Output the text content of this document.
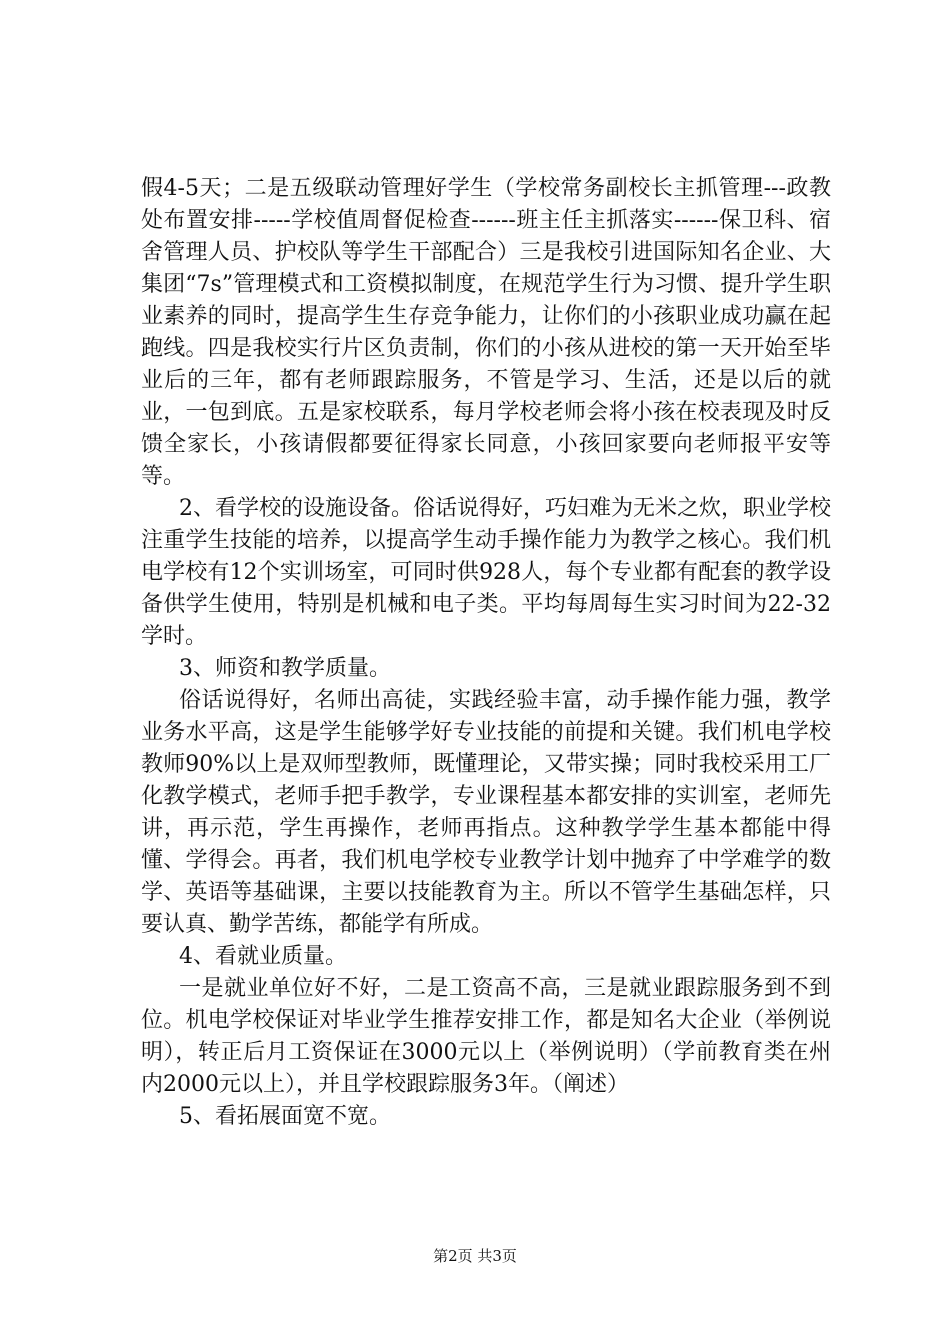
假4-5天；二是五级联动管理好学生（学校常务副校长主抓管理---政教处布置安排-----学校值周督促检查------班主任主抓落实------保卫科、宿舍管理人员、护校队等学生干部配合）三是我校引进国际知名企业、大集团“7s”管理模式和工资模拟制度，在规范学生行为习惯、提升学生职业素养的同时，提高学生生存竞争能力，让你们的小孩职业成功赢在起跑线。四是我校实行片区负责制，你们的小孩从进校的第一天开始至毕业后的三年，都有老师跟踪服务，不管是学习、生活，还是以后的就业，一包到底。五是家校联系，每月学校老师会将小孩在校表现及时反馈全家长，小孩请假都要征得家长同意，小孩回家要向老师报平安等等。

2、看学校的设施设备。俗话说得好，巧妇难为无米之炊，职业学校注重学生技能的培养，以提高学生动手操作能力为教学之核心。我们机电学校有12个实训场室，可同时供928人，每个专业都有配套的教学设备供学生使用，特别是机械和电子类。平均每周每生实习时间为22-32学时。

3、师资和教学质量。

俗话说得好，名师出高徒，实践经验丰富，动手操作能力强，教学业务水平高，这是学生能够学好专业技能的前提和关键。我们机电学校教师90%以上是双师型教师，既懂理论，又带实操；同时我校采用工厂化教学模式，老师手把手教学，专业课程基本都安排的实训室，老师先讲，再示范，学生再操作，老师再指点。这种教学学生基本都能中得懂、学得会。再者，我们机电学校专业教学计划中抛弃了中学难学的数学、英语等基础课，主要以技能教育为主。所以不管学生基础怎样，只要认真、勤学苦练，都能学有所成。

4、看就业质量。

一是就业单位好不好，二是工资高不高，三是就业跟踪服务到不到位。机电学校保证对毕业学生推荐安排工作，都是知名大企业（举例说明），转正后月工资保证在3000元以上（举例说明）（学前教育类在州内2000元以上），并且学校跟踪服务3年。（阐述）

5、看拓展面宽不宽。

第2页 共3页
